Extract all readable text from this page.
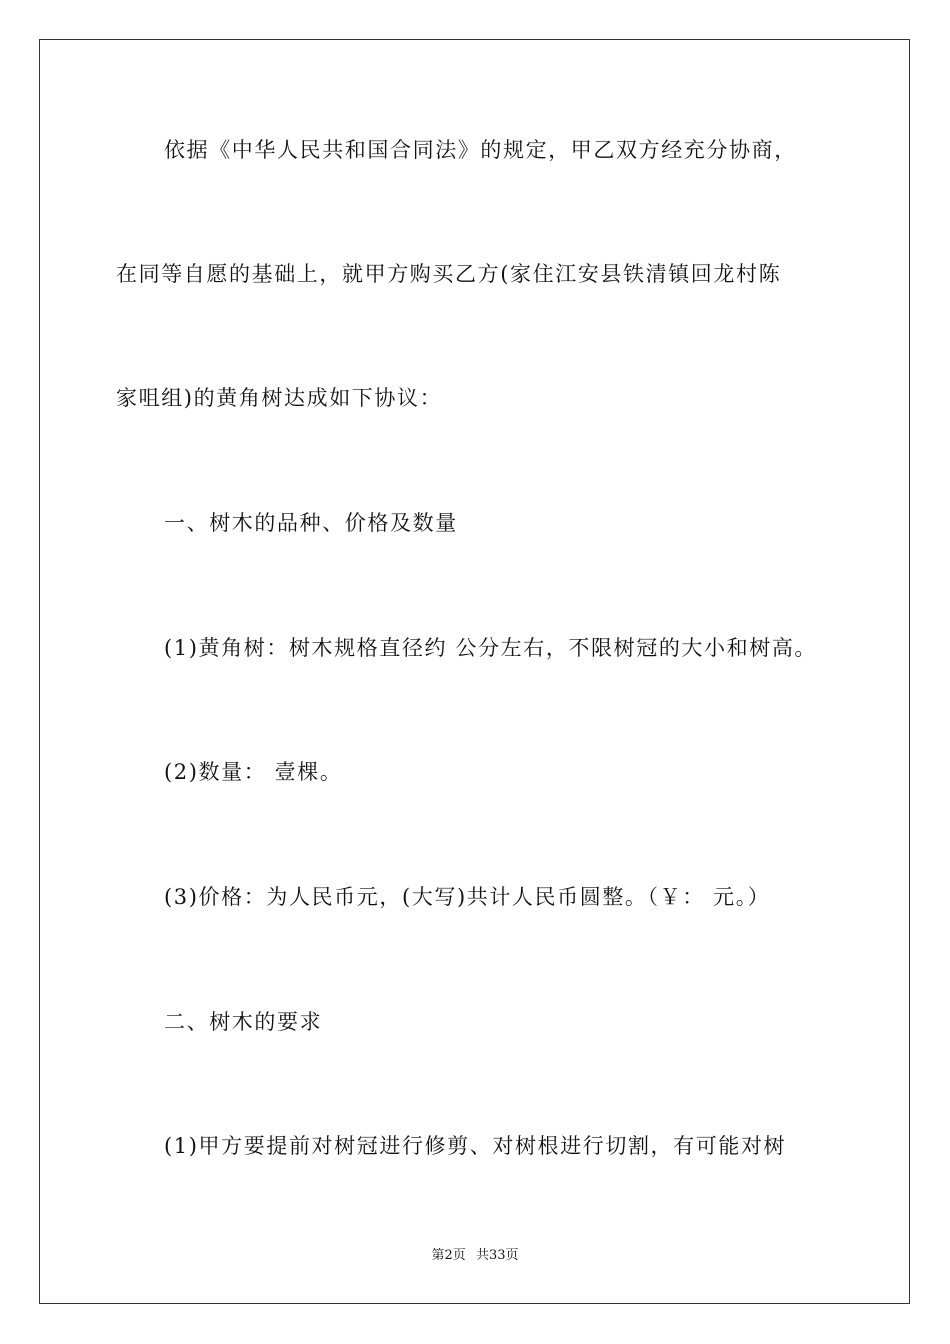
依据《中华人民共和国合同法》的规定，甲乙双方经充分协商，
在同等自愿的基础上，就甲方购买乙方(家住江安县铁清镇回龙村陈
家咀组)的黄角树达成如下协议：
一、树木的品种、价格及数量
(1)黄角树：树木规格直径约 公分左右，不限树冠的大小和树高。
(2)数量： 壹棵。
(3)价格：为人民币元，(大写)共计人民币圆整。（￥： 元。）
二、树木的要求
(1)甲方要提前对树冠进行修剪、对树根进行切割，有可能对树
第2页 共33页
